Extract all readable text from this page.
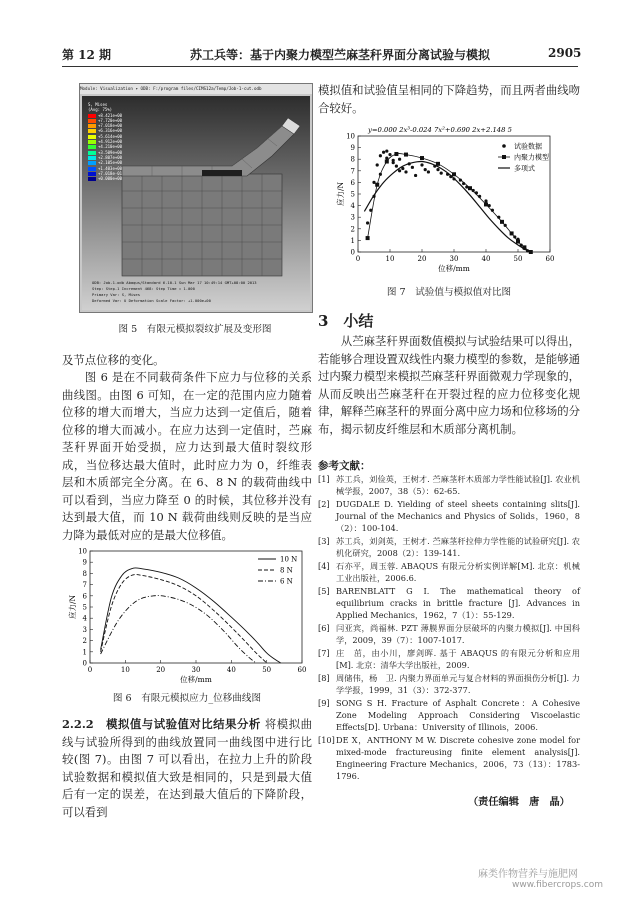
第 12 期	苏工兵等：基于内聚力模型苎麻茎秆界面分离试验与模拟	2905
Module: Visualization ▾ ODB: F:/program files/CIMS12a/Temp/Job-1-cut.odb
S, Mises
(Avg: 75%)
+8.421e+00
+7.720e+00
+7.018e+00
+6.316e+00
+5.614e+00
+4.912e+00
+4.210e+00
+3.509e+00
+2.807e+00
+2.105e+00
+1.403e+00
+7.018e-01
+0.000e+00
ODB: Job-1.odb Abaqus/Standard 6.10-1 Sun Mar 17 10:49:14 GMT+08:00 2013
Step: Step-1 Increment 468: Step Time = 1.000
Primary Var: S, Mises
Deformed Var: U Deformation Scale Factor: +1.000e+00
图 5　有限元模拟裂纹扩展及变形图
及节点位移的变化。
图 6 是在不同载荷条件下应力与位移的关系曲线图。由图 6 可知，在一定的范围内应力随着位移的增大而增大，当应力达到一定值后，随着位移的增大而减小。在应力达到一定值时，苎麻茎秆界面开始受损，应力达到最大值时裂纹形成，当位移达最大值时，此时应力为 0，纤维表层和木质部完全分离。在 6、8 N 的载荷曲线中可以看到，当应力降至 0 的时候，其位移并没有达到最大值，而 10 N 载荷曲线则反映的是当应力降为最低对应的是最大位移值。
0	10	20	30	40	50	60
0
1
2
3
4
5
6
7
8
9
10
位移/mm
应力/N
10 N
8 N
6 N
图 6　有限元模拟应力_位移曲线图
2.2.2　模拟值与试验值对比结果分析 将模拟曲线与试验所得到的曲线放置同一曲线图中进行比较(图 7)。由图 7 可以看出，在拉力上升的阶段试验数据和模拟值大致是相同的，只是到最大值后有一定的误差，在达到最大值后的下降阶段，可以看到
模拟值和试验值呈相同的下降趋势，而且两者曲线吻合较好。
0	10	20	30	40	50	60
0
1
2
3
4
5
6
7
8
9
10
位移/mm
应力/N
y=0.000 2x³-0.024 7x²+0.690 2x+2.148 5
试验数据
内聚力模型
多项式
图 7　试验值与模拟值对比图
3　小结
从苎麻茎秆界面数值模拟与试验结果可以得出，若能够合理设置双线性内聚力模型的参数，是能够通过内聚力模型来模拟苎麻茎秆界面微观力学现象的，从而反映出苎麻茎秆在开裂过程的应力位移变化规律，解释苎麻茎秆的界面分离中应力场和位移场的分布，揭示韧皮纤维层和木质部分离机制。
参考文献：
[1] 苏工兵，刘俭英，王树才. 苎麻茎秆木质部力学性能试验[J]. 农业机械学报，2007，38（5）：62-65.
[2] DUGDALE D. Yielding of steel sheets containing slits[J]. Journal of the Mechanics and Physics of Solids，1960，8（2）：100-104.
[3] 苏工兵，刘剑英，王树才. 苎麻茎秆拉伸力学性能的试验研究[J]. 农机化研究，2008（2）：139-141.
[4] 石亦平，周玉蓉. ABAQUS 有限元分析实例详解[M]. 北京：机械工业出版社，2006.6.
[5] BARENBLATT G I. The mathematical theory of equilibrium cracks in brittle fracture [J]. Advances in Applied Mechanics，1962，7（1）：55-129.
[6] 闫亚宾，尚福林. PZT 薄膜界面分层破坏的内聚力模拟[J]. 中国科学，2009，39（7）：1007-1017.
[7] 庄　茁，由小川，廖剑晖. 基于 ABAQUS 的有限元分析和应用[M]. 北京：清华大学出版社，2009.
[8] 周储伟，杨　卫. 内聚力界面单元与复合材料的界面损伤分析[J]. 力学学报，1999，31（3）：372-377.
[9] SONG S H. Fracture of Asphalt Concrete：A Cohesive Zone Modeling Approach Considering Viscoelastic Effects[D]. Urbana：University of Illinois，2006.
[10] DE X，ANTHONY M W. Discrete cohesive zone model for mixed-mode fractureusing finite element analysis[J]. Engineering Fracture Mechanics，2006，73（13）：1783-1796.
（责任编辑　唐　晶）
麻类作物营养与施肥网
www.fibercrops.com
